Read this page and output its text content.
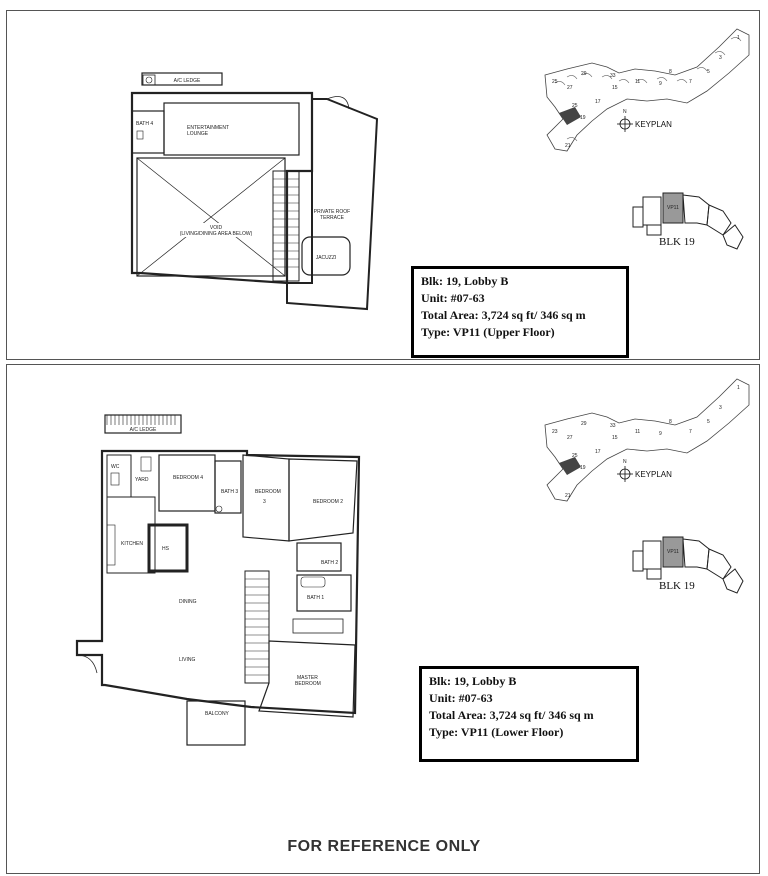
A/C LEDGE
BATH 4
ENTERTAINMENT
LOUNGE
VOID
(LIVING/DINING AREA BELOW)
PRIVATE ROOF
TERRACE
JACUZZI
25
27
29
25
19
17
15
33
11	9
8
7
5
3
1
21
N
KEYPLAN
VP11
BLK 19
Blk: 19, Lobby B
Unit: #07-63
Total Area: 3,724 sq ft/ 346 sq m
Type: VP11 (Upper Floor)
A/C LEDGE
WC
YARD	BEDROOM 4
BATH 3	BEDROOM
3	BEDROOM 2
KITCHEN
HS
BATH 2
BATH 1
DINING
LIVING
MASTER
BEDROOM
BALCONY
23
27
29
25
19
17
15
33
11	9
8
7
5
3
1
21
N
KEYPLAN
VP11
BLK 19
Blk: 19, Lobby B
Unit: #07-63
Total Area: 3,724 sq ft/ 346 sq m
Type: VP11 (Lower Floor)
FOR REFERENCE ONLY
